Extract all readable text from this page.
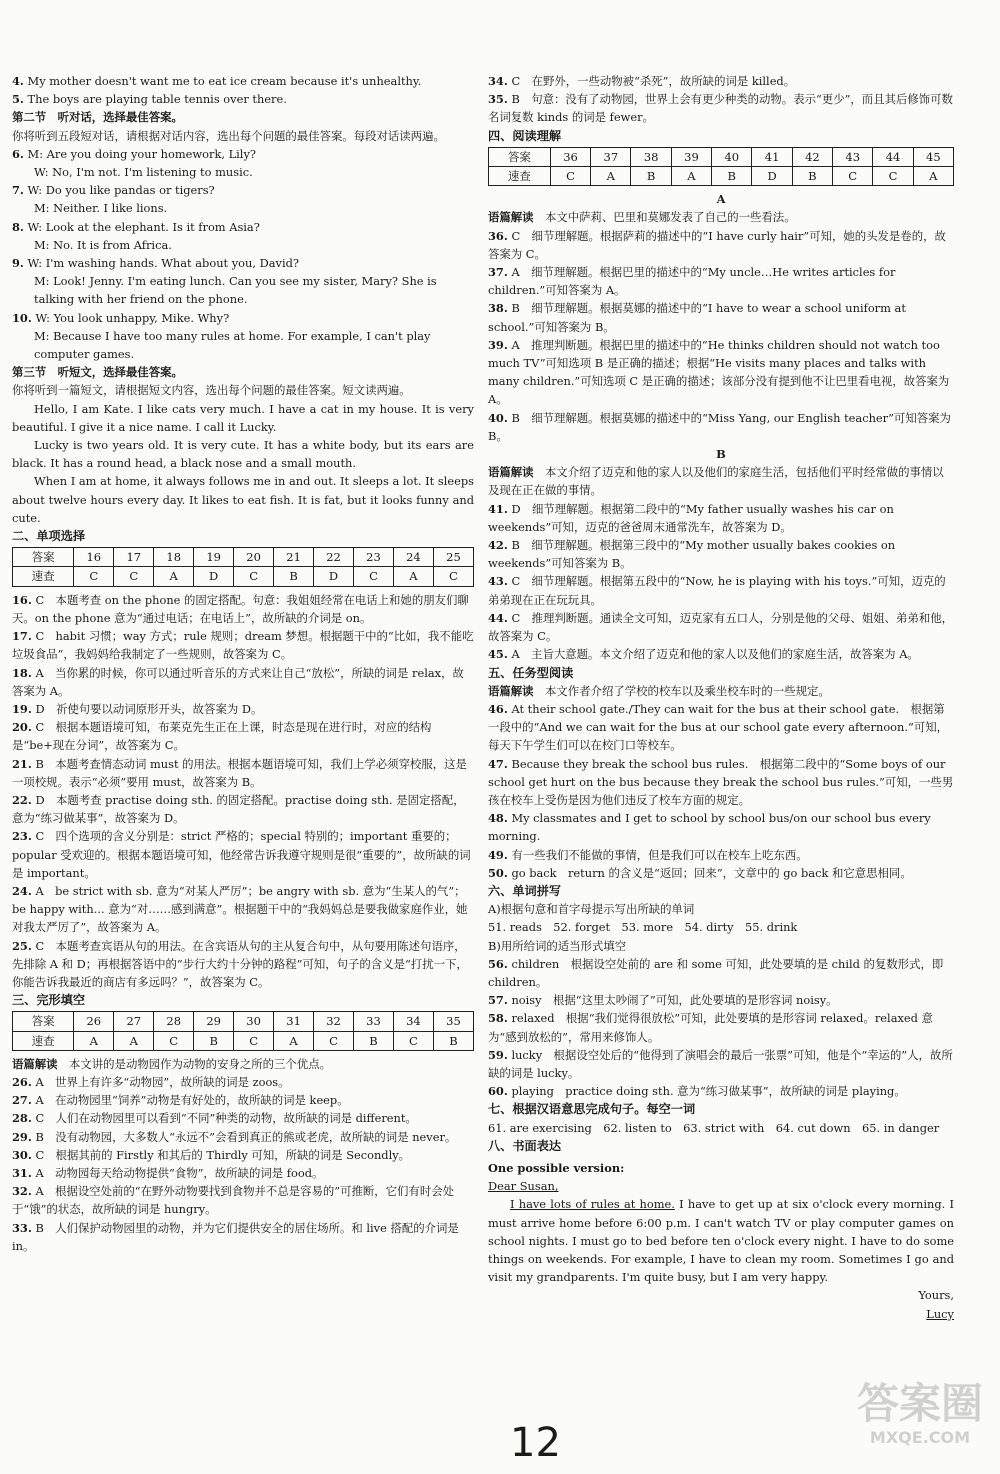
4. My mother doesn't want me to eat ice cream because it's unhealthy.

5. The boys are playing table tennis over there.

第二节　听对话，选择最佳答案。

你将听到五段短对话，请根据对话内容，选出每个问题的最佳答案。每段对话读两遍。

6. M: Are you doing your homework, Lily?

W: No, I'm not. I'm listening to music.

7. W: Do you like pandas or tigers?

M: Neither. I like lions.

8. W: Look at the elephant. Is it from Asia?

M: No. It is from Africa.

9. W: I'm washing hands. What about you, David?

M: Look! Jenny. I'm eating lunch. Can you see my sister, Mary? She is talking with her friend on the phone.

10. W: You look unhappy, Mike. Why?

M: Because I have too many rules at home. For example, I can't play computer games.

第三节　听短文，选择最佳答案。

你将听到一篇短文，请根据短文内容，选出每个问题的最佳答案。短文读两遍。

Hello, I am Kate. I like cats very much. I have a cat in my house. It is very beautiful. I give it a nice name. I call it Lucky.

Lucky is two years old. It is very cute. It has a white body, but its ears are black. It has a round head, a black nose and a small mouth.

When I am at home, it always follows me in and out. It sleeps a lot. It sleeps about twelve hours every day. It likes to eat fish. It is fat, but it looks funny and cute.

二、单项选择

答案	16	17	18	19	20	21	22	23	24	25
速查	C	C	A	D	C	B	D	C	A	C

16. C　本题考查 on the phone 的固定搭配。句意：我姐姐经常在电话上和她的朋友们聊天。on the phone 意为“通过电话；在电话上”，故所缺的介词是 on。

17. C　habit 习惯；way 方式；rule 规则；dream 梦想。根据题干中的“比如，我不能吃垃圾食品”，我妈妈给我制定了一些规则，故答案为 C。

18. A　当你累的时候，你可以通过听音乐的方式来让自己“放松”，所缺的词是 relax，故答案为 A。

19. D　祈使句要以动词原形开头，故答案为 D。

20. C　根据本题语境可知，布莱克先生正在上课，时态是现在进行时，对应的结构是“be+现在分词”，故答案为 C。

21. B　本题考查情态动词 must 的用法。根据本题语境可知，我们上学必须穿校服，这是一项校规。表示“必须”要用 must，故答案为 B。

22. D　本题考查 practise doing sth. 的固定搭配。practise doing sth. 是固定搭配，意为“练习做某事”，故答案为 D。

23. C　四个选项的含义分别是：strict 严格的；special 特别的；important 重要的；popular 受欢迎的。根据本题语境可知，他经常告诉我遵守规则是很“重要的”，故所缺的词是 important。

24. A　be strict with sb. 意为“对某人严厉”；be angry with sb. 意为“生某人的气”；be happy with... 意为“对……感到满意”。根据题干中的“我妈妈总是要我做家庭作业，她对我太严厉了”，故答案为 A。

25. C　本题考查宾语从句的用法。在含宾语从句的主从复合句中，从句要用陈述句语序，先排除 A 和 D；再根据答语中的“步行大约十分钟的路程”可知，句子的含义是“打扰一下，你能告诉我最近的商店有多远吗？”，故答案为 C。

三、完形填空

答案	26	27	28	29	30	31	32	33	34	35
速查	A	A	C	B	C	A	C	B	C	B

语篇解读　 本文讲的是动物园作为动物的安身之所的三个优点。

26. A　世界上有许多“动物园”，故所缺的词是 zoos。

27. A　在动物园里“饲养”动物是有好处的，故所缺的词是 keep。

28. C　人们在动物园里可以看到“不同”种类的动物，故所缺的词是 different。

29. B　没有动物园，大多数人“永远不”会看到真正的熊或老虎，故所缺的词是 never。

30. C　根据其前的 Firstly 和其后的 Thirdly 可知，所缺的词是 Secondly。

31. A　动物园每天给动物提供“食物”，故所缺的词是 food。

32. A　根据设空处前的“在野外动物要找到食物并不总是容易的”可推断，它们有时会处于“饿”的状态，故所缺的词是 hungry。

33. B　人们保护动物园里的动物，并为它们提供安全的居住场所。和 live 搭配的介词是 in。

34. C　在野外，一些动物被“杀死”，故所缺的词是 killed。

35. B　句意：没有了动物园，世界上会有更少种类的动物。表示“更少”，而且其后修饰可数名词复数 kinds 的词是 fewer。

四、阅读理解

答案	36	37	38	39	40	41	42	43	44	45
速查	C	A	B	A	B	D	B	C	C	A

A

语篇解读　 本文中萨莉、巴里和莫娜发表了自己的一些看法。

36. C　细节理解题。根据萨莉的描述中的“I have curly hair”可知，她的头发是卷的，故答案为 C。

37. A　细节理解题。根据巴里的描述中的“My uncle…He writes articles for children.”可知答案为 A。

38. B　细节理解题。根据莫娜的描述中的“I have to wear a school uniform at school.”可知答案为 B。

39. A　推理判断题。根据巴里的描述中的“He thinks children should not watch too much TV”可知选项 B 是正确的描述；根据“He visits many places and talks with many children.”可知选项 C 是正确的描述；该部分没有提到他不让巴里看电视，故答案为 A。

40. B　细节理解题。根据莫娜的描述中的“Miss Yang, our English teacher”可知答案为 B。

B

语篇解读　 本文介绍了迈克和他的家人以及他们的家庭生活，包括他们平时经常做的事情以及现在正在做的事情。

41. D　细节理解题。根据第二段中的“My father usually washes his car on weekends”可知，迈克的爸爸周末通常洗车，故答案为 D。

42. B　细节理解题。根据第三段中的“My mother usually bakes cookies on weekends”可知答案为 B。

43. C　细节理解题。根据第五段中的“Now, he is playing with his toys.”可知，迈克的弟弟现在正在玩玩具。

44. C　推理判断题。通读全文可知，迈克家有五口人，分别是他的父母、姐姐、弟弟和他，故答案为 C。

45. A　主旨大意题。本文介绍了迈克和他的家人以及他们的家庭生活，故答案为 A。

五、任务型阅读

语篇解读　 本文作者介绍了学校的校车以及乘坐校车时的一些规定。

46. At their school gate./They can wait for the bus at their school gate.　根据第一段中的“And we can wait for the bus at our school gate every afternoon.”可知，每天下午学生们可以在校门口等校车。

47. Because they break the school bus rules.　根据第二段中的“Some boys of our school get hurt on the bus because they break the school bus rules.”可知，一些男孩在校车上受伤是因为他们违反了校车方面的规定。

48. My classmates and I get to school by school bus/on our school bus every morning.

49. 有一些我们不能做的事情，但是我们可以在校车上吃东西。

50. go back　return 的含义是“返回；回来”，文章中的 go back 和它意思相同。

六、单词拼写

A)根据句意和首字母提示写出所缺的单词

51. reads　52. forget　53. more　54. dirty　55. drink

B)用所给词的适当形式填空

56. children　根据设空处前的 are 和 some 可知，此处要填的是 child 的复数形式，即 children。

57. noisy　根据“这里太吵闹了”可知，此处要填的是形容词 noisy。

58. relaxed　根据“我们觉得很放松”可知，此处要填的是形容词 relaxed。relaxed 意为“感到放松的”，常用来修饰人。

59. lucky　根据设空处后的“他得到了演唱会的最后一张票”可知，他是个“幸运的”人，故所缺的词是 lucky。

60. playing　practice doing sth. 意为“练习做某事”，故所缺的词是 playing。

七、根据汉语意思完成句子。每空一词

61. are exercising　62. listen to　63. strict with　64. cut down　65. in danger

八、书面表达

One possible version:

Dear Susan,

I have lots of rules at home. I have to get up at six o'clock every morning. I must arrive home before 6:00 p.m. I can't watch TV or play computer games on school nights. I must go to bed before ten o'clock every night. I have to do some things on weekends. For example, I have to clean my room. Sometimes I go and visit my grandparents. I'm quite busy, but I am very happy.

Yours,

Lucy

12
答案圈
MXQE.COM
